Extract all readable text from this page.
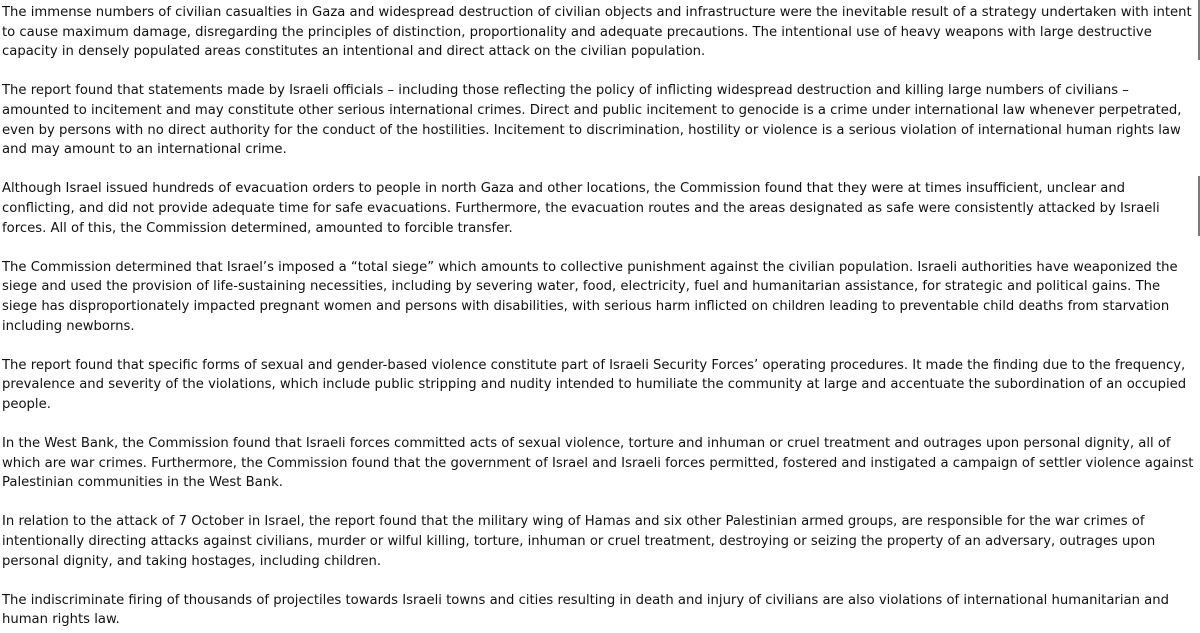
The immense numbers of civilian casualties in Gaza and widespread destruction of civilian objects and infrastructure were the inevitable result of a strategy undertaken with intent to cause maximum damage, disregarding the principles of distinction, proportionality and adequate precautions. The intentional use of heavy weapons with large destructive capacity in densely populated areas constitutes an intentional and direct attack on the civilian population.

The report found that statements made by Israeli officials – including those reflecting the policy of inflicting widespread destruction and killing large numbers of civilians – amounted to incitement and may constitute other serious international crimes. Direct and public incitement to genocide is a crime under international law whenever perpetrated, even by persons with no direct authority for the conduct of the hostilities. Incitement to discrimination, hostility or violence is a serious violation of international human rights law and may amount to an international crime.

Although Israel issued hundreds of evacuation orders to people in north Gaza and other locations, the Commission found that they were at times insufficient, unclear and conflicting, and did not provide adequate time for safe evacuations. Furthermore, the evacuation routes and the areas designated as safe were consistently attacked by Israeli forces. All of this, the Commission determined, amounted to forcible transfer.

The Commission determined that Israel’s imposed a “total siege” which amounts to collective punishment against the civilian population. Israeli authorities have weaponized the siege and used the provision of life-sustaining necessities, including by severing water, food, electricity, fuel and humanitarian assistance, for strategic and political gains. The siege has disproportionately impacted pregnant women and persons with disabilities, with serious harm inflicted on children leading to preventable child deaths from starvation including newborns.

The report found that specific forms of sexual and gender-based violence constitute part of Israeli Security Forces’ operating procedures. It made the finding due to the frequency, prevalence and severity of the violations, which include public stripping and nudity intended to humiliate the community at large and accentuate the subordination of an occupied people.

In the West Bank, the Commission found that Israeli forces committed acts of sexual violence, torture and inhuman or cruel treatment and outrages upon personal dignity, all of which are war crimes. Furthermore, the Commission found that the government of Israel and Israeli forces permitted, fostered and instigated a campaign of settler violence against Palestinian communities in the West Bank.

In relation to the attack of 7 October in Israel, the report found that the military wing of Hamas and six other Palestinian armed groups, are responsible for the war crimes of intentionally directing attacks against civilians, murder or wilful killing, torture, inhuman or cruel treatment, destroying or seizing the property of an adversary, outrages upon personal dignity, and taking hostages, including children.

The indiscriminate firing of thousands of projectiles towards Israeli towns and cities resulting in death and injury of civilians are also violations of international humanitarian and human rights law.
